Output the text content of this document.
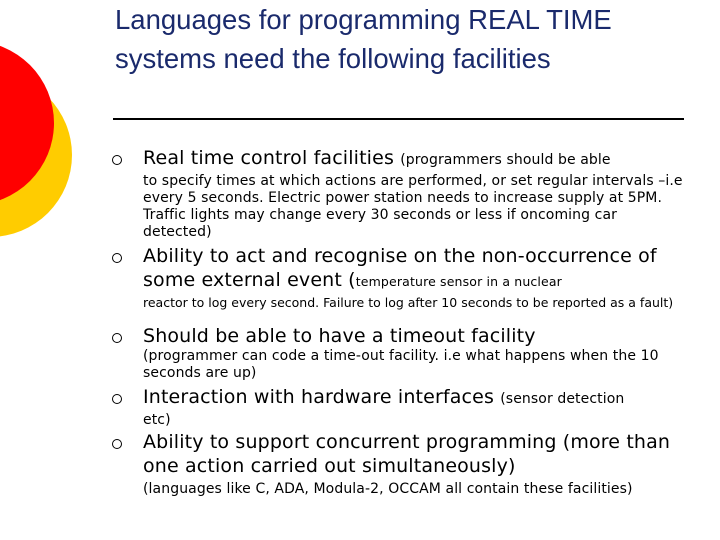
Languages for programming REAL TIME systems need the following facilities
Real time control facilities (programmers should be able
to specify times at which actions are performed, or set regular intervals –i.e every 5 seconds. Electric power station needs to increase supply at 5PM. Traffic lights may change every 30 seconds or less if oncoming car detected)
Ability to act and recognise on the non-occurrence of some external event (temperature sensor in a nuclear
reactor to log every second. Failure to log after 10 seconds to be reported as a fault)
Should be able to have a timeout facility
(programmer can code a time-out facility. i.e what happens when the 10 seconds are up)
Interaction with hardware interfaces (sensor detection
etc)
Ability to support concurrent programming (more than one action carried out simultaneously)
(languages like C, ADA, Modula-2, OCCAM all contain these facilities)
